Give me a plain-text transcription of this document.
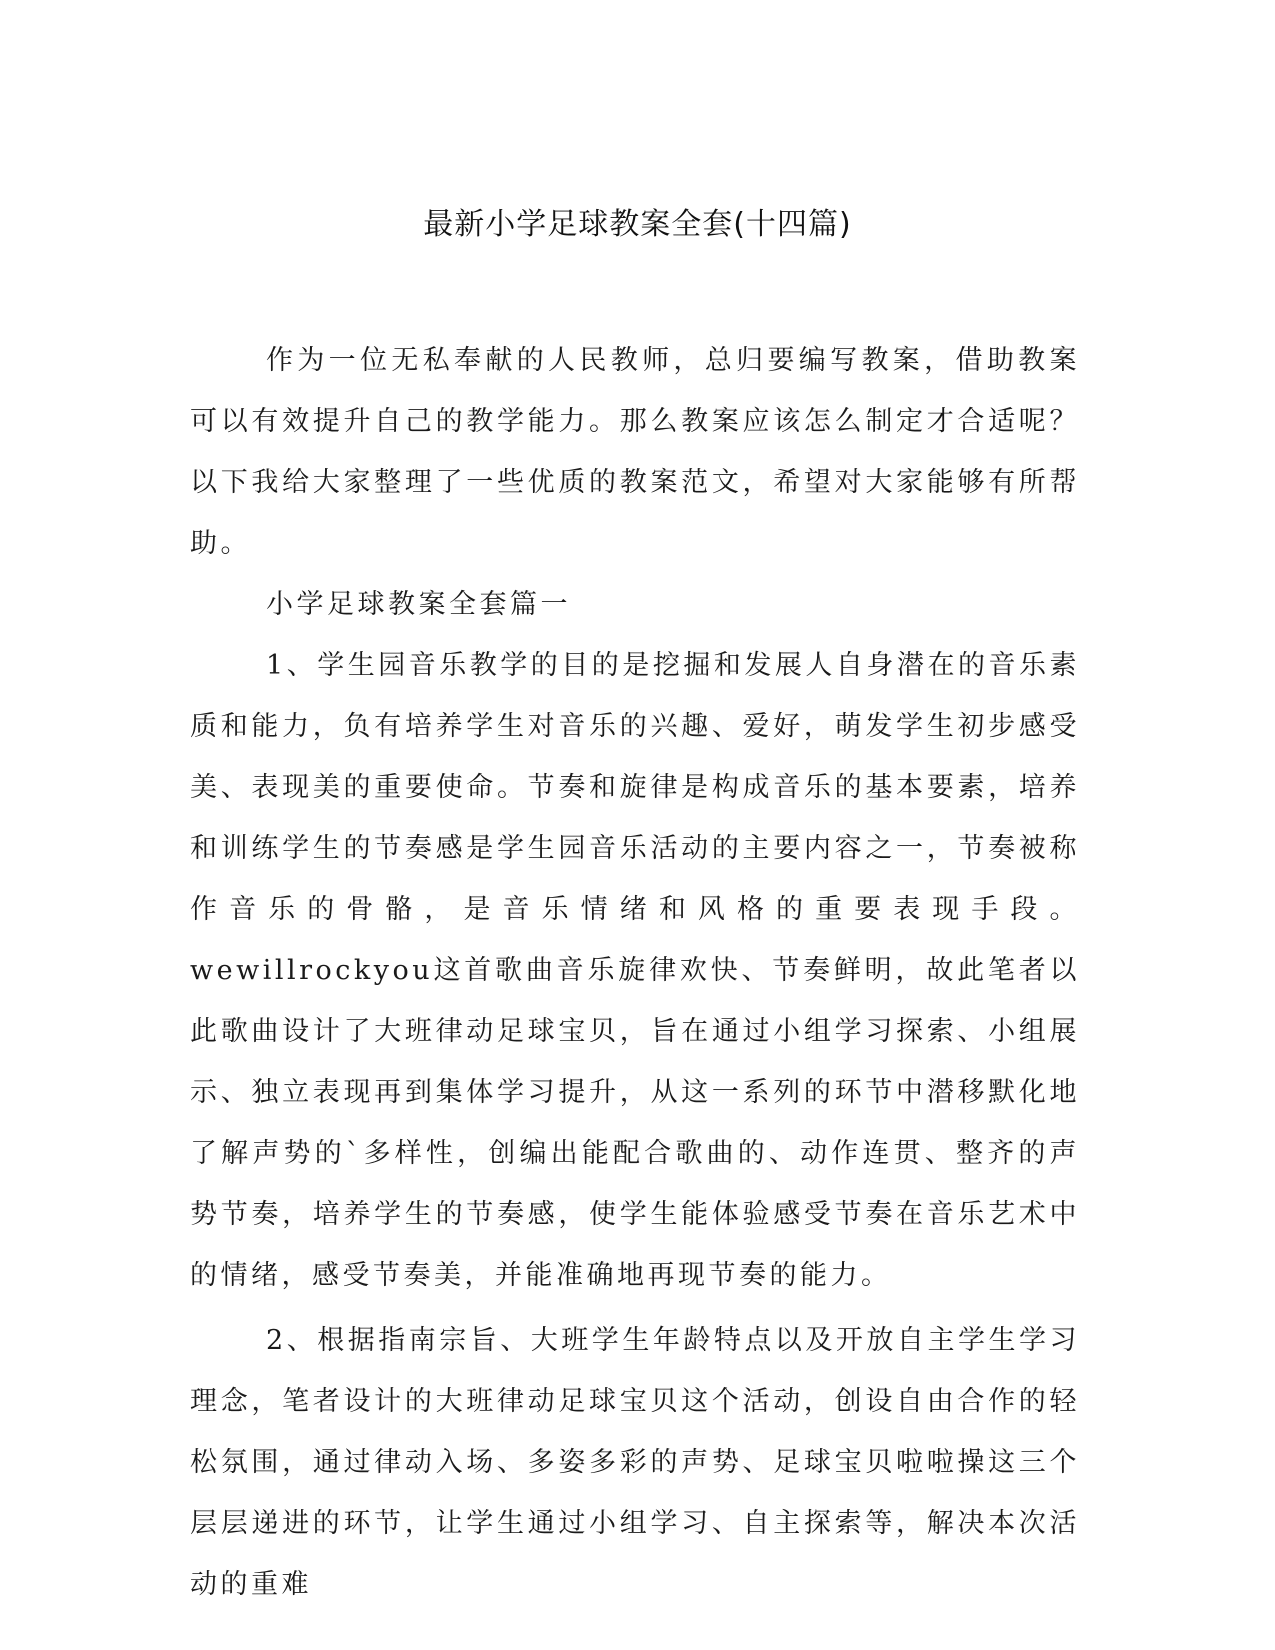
最新小学足球教案全套(十四篇)

作为一位无私奉献的人民教师，总归要编写教案，借助教案可以有效提升自己的教学能力。那么教案应该怎么制定才合适呢？以下我给大家整理了一些优质的教案范文，希望对大家能够有所帮助。

小学足球教案全套篇一

1、学生园音乐教学的目的是挖掘和发展人自身潜在的音乐素质和能力，负有培养学生对音乐的兴趣、爱好，萌发学生初步感受美、表现美的重要使命。节奏和旋律是构成音乐的基本要素，培养和训练学生的节奏感是学生园音乐活动的主要内容之一，节奏被称作音乐的骨骼，是音乐情绪和风格的重要表现手段。wewillrockyou这首歌曲音乐旋律欢快、节奏鲜明，故此笔者以此歌曲设计了大班律动足球宝贝，旨在通过小组学习探索、小组展示、独立表现再到集体学习提升，从这一系列的环节中潜移默化地了解声势的`多样性，创编出能配合歌曲的、动作连贯、整齐的声势节奏，培养学生的节奏感，使学生能体验感受节奏在音乐艺术中的情绪，感受节奏美，并能准确地再现节奏的能力。

2、根据指南宗旨、大班学生年龄特点以及开放自主学生学习理念，笔者设计的大班律动足球宝贝这个活动，创设自由合作的轻松氛围，通过律动入场、多姿多彩的声势、足球宝贝啦啦操这三个层层递进的环节，让学生通过小组学习、自主探索等，解决本次活动的重难
